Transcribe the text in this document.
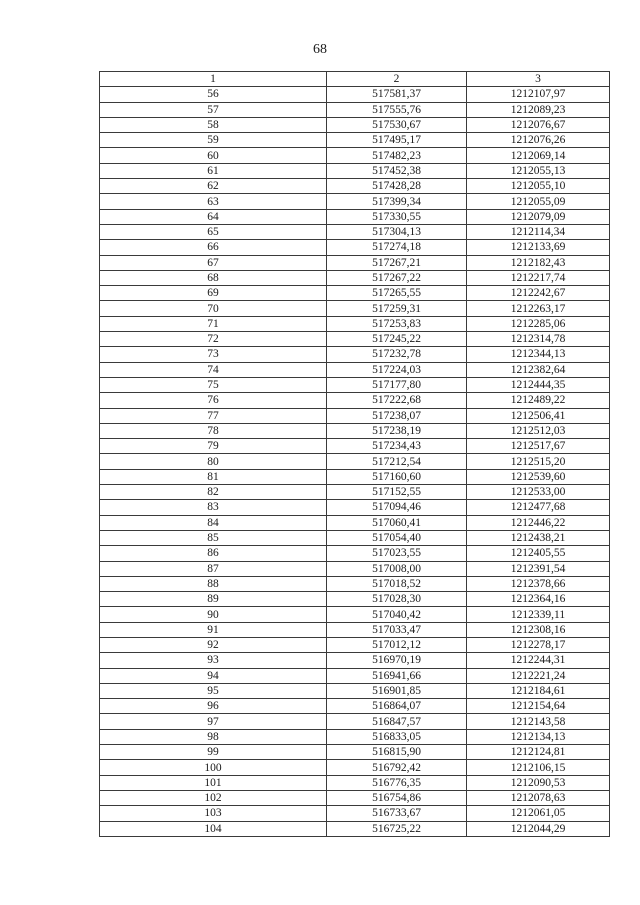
68
1	2	3
56	517581,37	1212107,97
57	517555,76	1212089,23
58	517530,67	1212076,67
59	517495,17	1212076,26
60	517482,23	1212069,14
61	517452,38	1212055,13
62	517428,28	1212055,10
63	517399,34	1212055,09
64	517330,55	1212079,09
65	517304,13	1212114,34
66	517274,18	1212133,69
67	517267,21	1212182,43
68	517267,22	1212217,74
69	517265,55	1212242,67
70	517259,31	1212263,17
71	517253,83	1212285,06
72	517245,22	1212314,78
73	517232,78	1212344,13
74	517224,03	1212382,64
75	517177,80	1212444,35
76	517222,68	1212489,22
77	517238,07	1212506,41
78	517238,19	1212512,03
79	517234,43	1212517,67
80	517212,54	1212515,20
81	517160,60	1212539,60
82	517152,55	1212533,00
83	517094,46	1212477,68
84	517060,41	1212446,22
85	517054,40	1212438,21
86	517023,55	1212405,55
87	517008,00	1212391,54
88	517018,52	1212378,66
89	517028,30	1212364,16
90	517040,42	1212339,11
91	517033,47	1212308,16
92	517012,12	1212278,17
93	516970,19	1212244,31
94	516941,66	1212221,24
95	516901,85	1212184,61
96	516864,07	1212154,64
97	516847,57	1212143,58
98	516833,05	1212134,13
99	516815,90	1212124,81
100	516792,42	1212106,15
101	516776,35	1212090,53
102	516754,86	1212078,63
103	516733,67	1212061,05
104	516725,22	1212044,29
